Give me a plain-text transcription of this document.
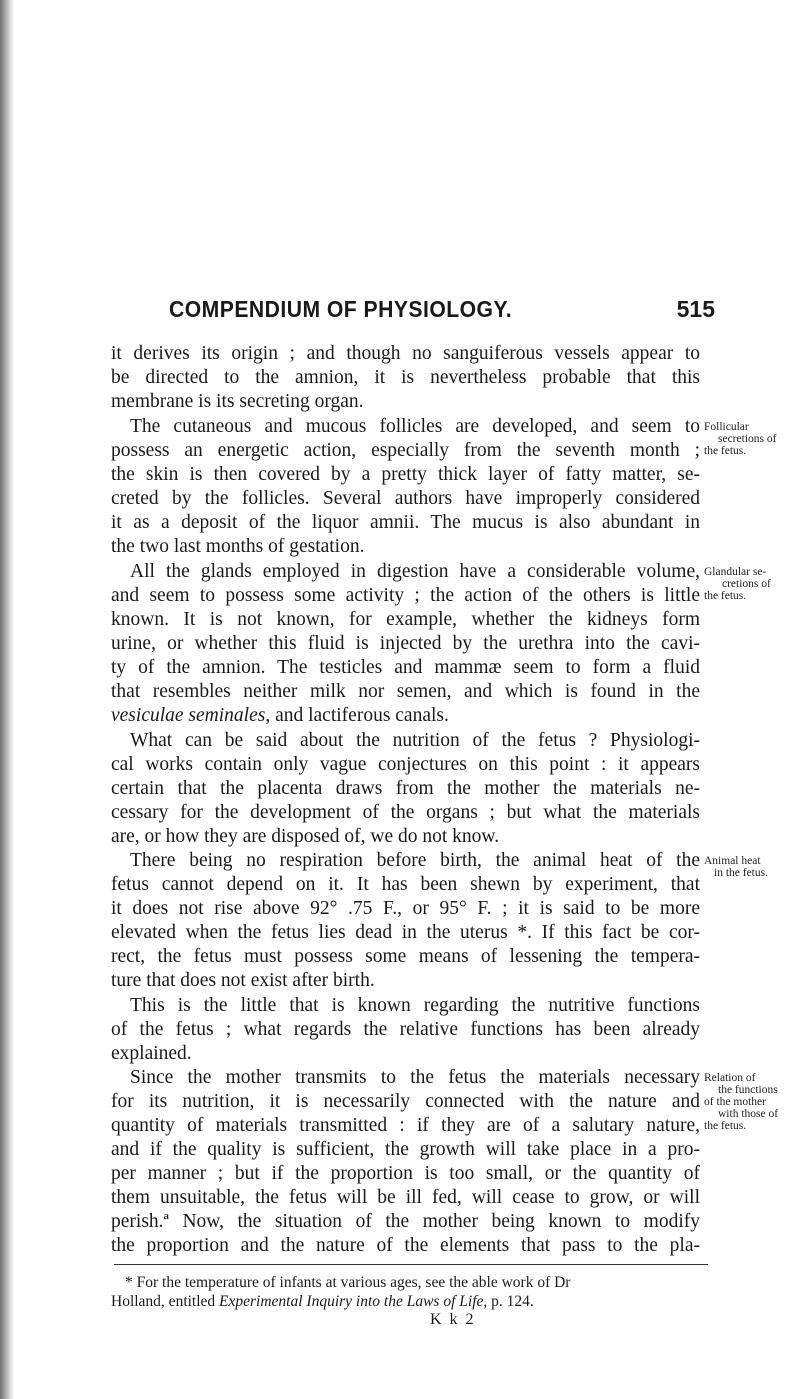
COMPENDIUM OF PHYSIOLOGY.	515
it derives its origin ; and though no sanguiferous vessels appear to
be directed to the amnion, it is nevertheless probable that this
membrane is its secreting organ.
The cutaneous and mucous follicles are developed, and seem to
possess an energetic action, especially from the seventh month ;
the skin is then covered by a pretty thick layer of fatty matter, se-
creted by the follicles. Several authors have improperly considered
it as a deposit of the liquor amnii. The mucus is also abundant in
the two last months of gestation.
All the glands employed in digestion have a considerable volume,
and seem to possess some activity ; the action of the others is little
known. It is not known, for example, whether the kidneys form
urine, or whether this fluid is injected by the urethra into the cavi-
ty of the amnion. The testicles and mammæ seem to form a fluid
that resembles neither milk nor semen, and which is found in the
vesiculae seminales, and lactiferous canals.
What can be said about the nutrition of the fetus ? Physiologi-
cal works contain only vague conjectures on this point : it appears
certain that the placenta draws from the mother the materials ne-
cessary for the development of the organs ; but what the materials
are, or how they are disposed of, we do not know.
There being no respiration before birth, the animal heat of the
fetus cannot depend on it. It has been shewn by experiment, that
it does not rise above 92° .75 F., or 95° F. ; it is said to be more
elevated when the fetus lies dead in the uterus *. If this fact be cor-
rect, the fetus must possess some means of lessening the tempera-
ture that does not exist after birth.
This is the little that is known regarding the nutritive functions
of the fetus ; what regards the relative functions has been already
explained.
Since the mother transmits to the fetus the materials necessary
for its nutrition, it is necessarily connected with the nature and
quantity of materials transmitted : if they are of a salutary nature,
and if the quality is sufficient, the growth will take place in a pro-
per manner ; but if the proportion is too small, or the quantity of
them unsuitable, the fetus will be ill fed, will cease to grow, or will
perish.ª Now, the situation of the mother being known to modify
the proportion and the nature of the elements that pass to the pla-
Follicular
secretions of
the fetus.
Glandular se-
cretions of
the fetus.
Animal heat
in the fetus.
Relation of
the functions
of the mother
with those of
the fetus.
* For the temperature of infants at various ages, see the able work of Dr
Holland, entitled Experimental Inquiry into the Laws of Life, p. 124.
K k 2
